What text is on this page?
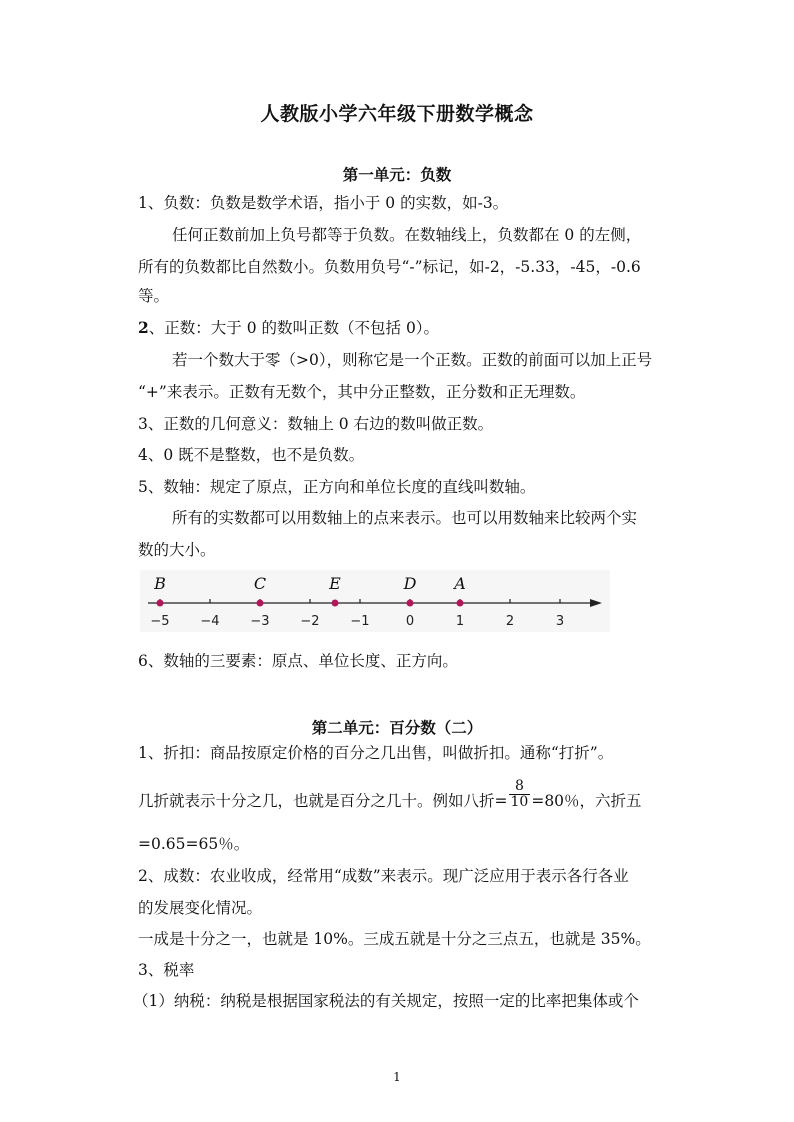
人教版小学六年级下册数学概念
第一单元：负数
1、负数：负数是数学术语，指小于 0 的实数，如-3。
任何正数前加上负号都等于负数。在数轴线上，负数都在 0 的左侧，
所有的负数都比自然数小。负数用负号“-”标记，如-2，-5.33，-45，-0.6
等。
2、正数：大于 0 的数叫正数（不包括 0）。
若一个数大于零（>0），则称它是一个正数。正数的前面可以加上正号
“+”来表示。正数有无数个，其中分正整数，正分数和正无理数。
3、正数的几何意义：数轴上 0 右边的数叫做正数。
4、0 既不是整数，也不是负数。
5、数轴：规定了原点，正方向和单位长度的直线叫数轴。
所有的实数都可以用数轴上的点来表示。也可以用数轴来比较两个实
数的大小。
−5 −4 −3 −2 −1	0	1	2	3
B	C	E	D A
6、数轴的三要素：原点、单位长度、正方向。
第二单元：百分数（二）
1、折扣：商品按原定价格的百分之几出售，叫做折扣。通称“打折”。
几折就表示十分之几，也就是百分之几十。例如八折= $\frac{8}{10} =80$％，六折五
=0.65=65％。
2、成数：农业收成，经常用“成数”来表示。现广泛应用于表示各行各业
的发展变化情况。
一成是十分之一，也就是 10%。三成五就是十分之三点五，也就是 35%。
3、税率
（1）纳税：纳税是根据国家税法的有关规定，按照一定的比率把集体或个
1
